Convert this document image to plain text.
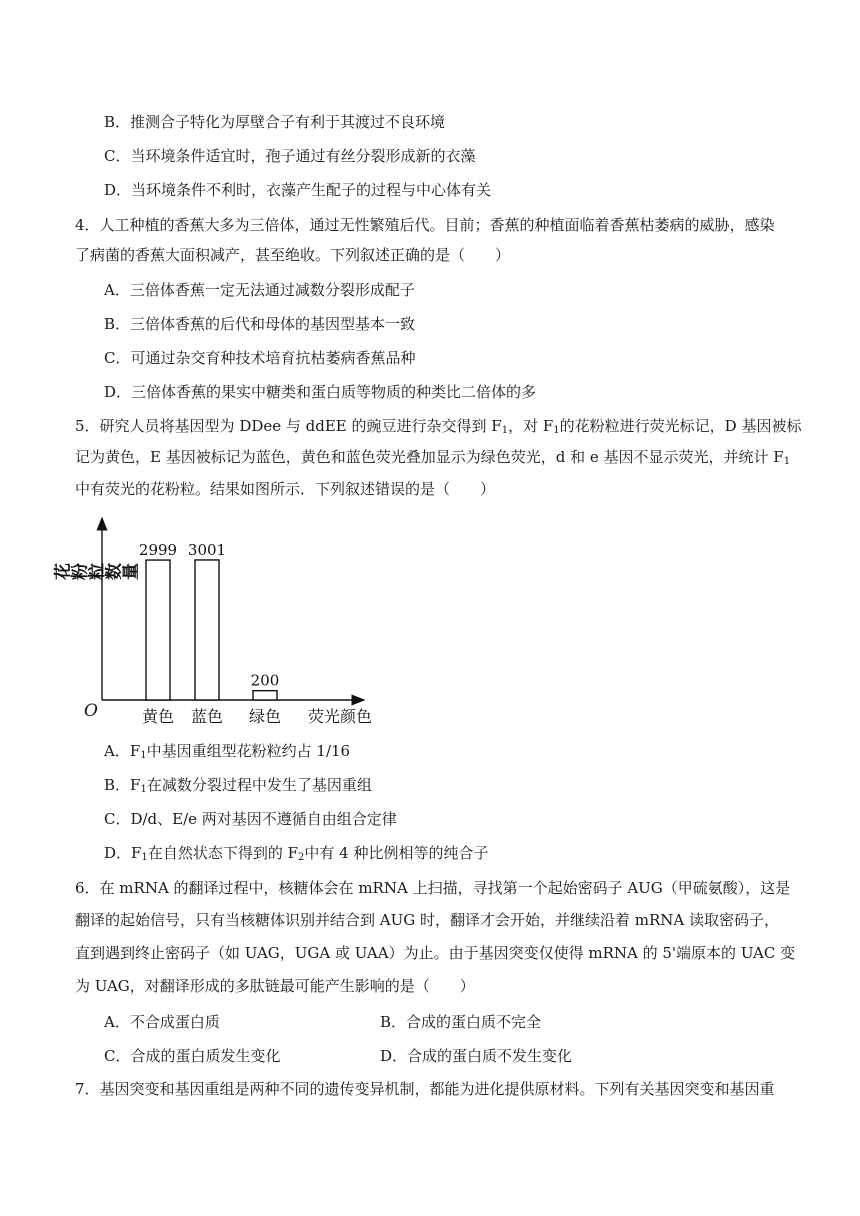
B．推测合子特化为厚壁合子有利于其渡过不良环境
C．当环境条件适宜时，孢子通过有丝分裂形成新的衣藻
D．当环境条件不利时，衣藻产生配子的过程与中心体有关
4．人工种植的香蕉大多为三倍体，通过无性繁殖后代。目前；香蕉的种植面临着香蕉枯萎病的威胁，感染
了病菌的香蕉大面积减产，甚至绝收。下列叙述正确的是（　　）
A．三倍体香蕉一定无法通过减数分裂形成配子
B．三倍体香蕉的后代和母体的基因型基本一致
C．可通过杂交育种技术培育抗枯萎病香蕉品种
D．三倍体香蕉的果实中糖类和蛋白质等物质的种类比二倍体的多
5．研究人员将基因型为 DDee 与 ddEE 的豌豆进行杂交得到 $F_1$，对 $F_1$的花粉粒进行荧光标记，D 基因被标
记为黄色，E 基因被标记为蓝色，黄色和蓝色荧光叠加显示为绿色荧光，d 和 e 基因不显示荧光，并统计 $F_1$
中有荧光的花粉粒。结果如图所示．下列叙述错误的是（　　）
O
花粉粒数量
荧光颜色
2999
黄色
3001
蓝色
200
绿色
A．$F_1$中基因重组型花粉粒约占 1/16
B．$F_1$在减数分裂过程中发生了基因重组
C．D/d、E/e 两对基因不遵循自由组合定律
D．$F_1$在自然状态下得到的 $F_2$中有 4 种比例相等的纯合子
6．在 mRNA 的翻译过程中，核糖体会在 mRNA 上扫描，寻找第一个起始密码子 AUG（甲硫氨酸），这是
翻译的起始信号，只有当核糖体识别并结合到 AUG 时，翻译才会开始，并继续沿着 mRNA 读取密码子，
直到遇到终止密码子（如 UAG，UGA 或 UAA）为止。由于基因突变仅使得 mRNA 的 5'端原本的 UAC 变
为 UAG，对翻译形成的多肽链最可能产生影响的是（　　）
A．不合成蛋白质	B．合成的蛋白质不完全
C．合成的蛋白质发生变化	D．合成的蛋白质不发生变化
7．基因突变和基因重组是两种不同的遗传变异机制，都能为进化提供原材料。下列有关基因突变和基因重
